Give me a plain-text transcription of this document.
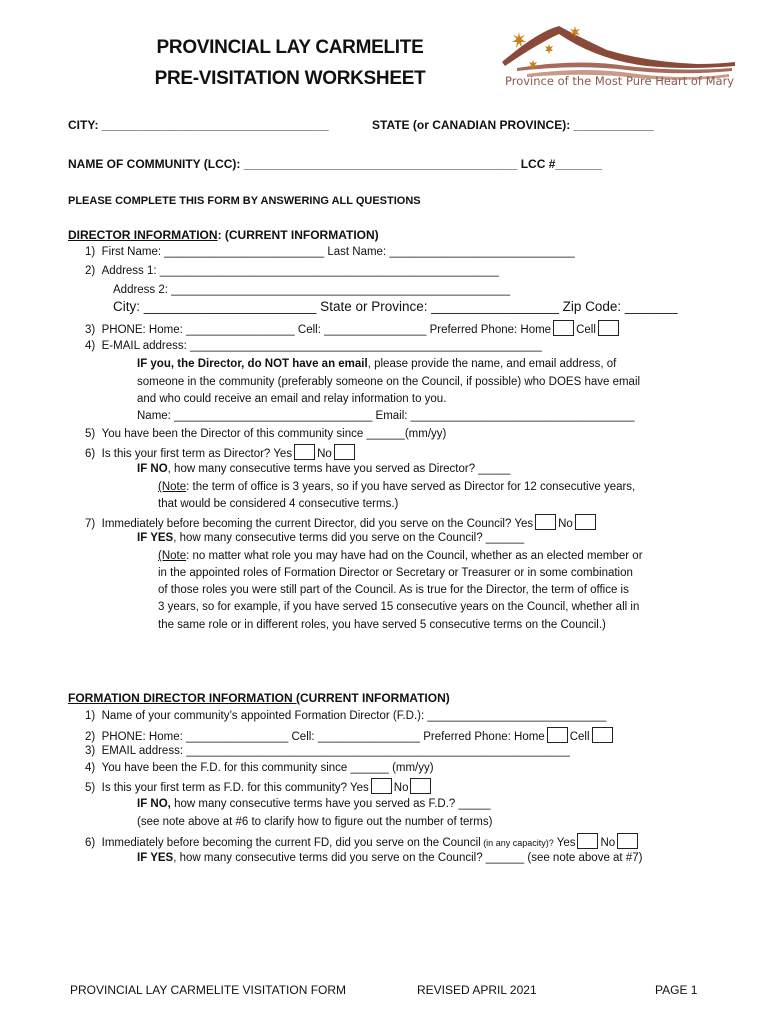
PROVINCIAL LAY CARMELITE
PRE-VISITATION WORKSHEET	Province of the Most Pure Heart of Mary
CITY: __________________________________	STATE (or CANADIAN PROVINCE): ____________
NAME OF COMMUNITY (LCC): _________________________________________ LCC #_______
PLEASE COMPLETE THIS FORM BY ANSWERING ALL QUESTIONS
DIRECTOR INFORMATION: (CURRENT INFORMATION)
1) First Name: _________________________ Last Name: _____________________________
2) Address 1: _____________________________________________________
Address 2: _____________________________________________________
City: _______________________ State or Province: _________________ Zip Code: _______
3) PHONE: Home: _________________ Cell: ________________ Preferred Phone: Home Cell
4) E-MAIL address: _______________________________________________________
IF you, the Director, do NOT have an email, please provide the name, and email address, of
someone in the community (preferably someone on the Council, if possible) who DOES have email
and who could receive an email and relay information to you.
Name: _______________________________ Email: ___________________________________
5) You have been the Director of this community since ______(mm/yy)
6) Is this your first term as Director? Yes No
IF NO, how many consecutive terms have you served as Director? _____
(Note: the term of office is 3 years, so if you have served as Director for 12 consecutive years,
that would be considered 4 consecutive terms.)
7) Immediately before becoming the current Director, did you serve on the Council? Yes No
IF YES, how many consecutive terms did you serve on the Council? ______
(Note: no matter what role you may have had on the Council, whether as an elected member or
in the appointed roles of Formation Director or Secretary or Treasurer or in some combination
of those roles you were still part of the Council. As is true for the Director, the term of office is
3 years, so for example, if you have served 15 consecutive years on the Council, whether all in
the same role or in different roles, you have served 5 consecutive terms on the Council.)
FORMATION DIRECTOR INFORMATION (CURRENT INFORMATION)
1) Name of your community’s appointed Formation Director (F.D.): ____________________________
2) PHONE: Home: ________________ Cell: ________________ Preferred Phone: Home Cell
3) EMAIL address: ____________________________________________________________
4) You have been the F.D. for this community since ______ (mm/yy)
5) Is this your first term as F.D. for this community? Yes No
IF NO, how many consecutive terms have you served as F.D.? _____
(see note above at #6 to clarify how to figure out the number of terms)
6) Immediately before becoming the current FD, did you serve on the Council (in any capacity)? Yes No
IF YES, how many consecutive terms did you serve on the Council? ______ (see note above at #7)
PROVINCIAL LAY CARMELITE VISITATION FORM	REVISED APRIL 2021	PAGE 1
